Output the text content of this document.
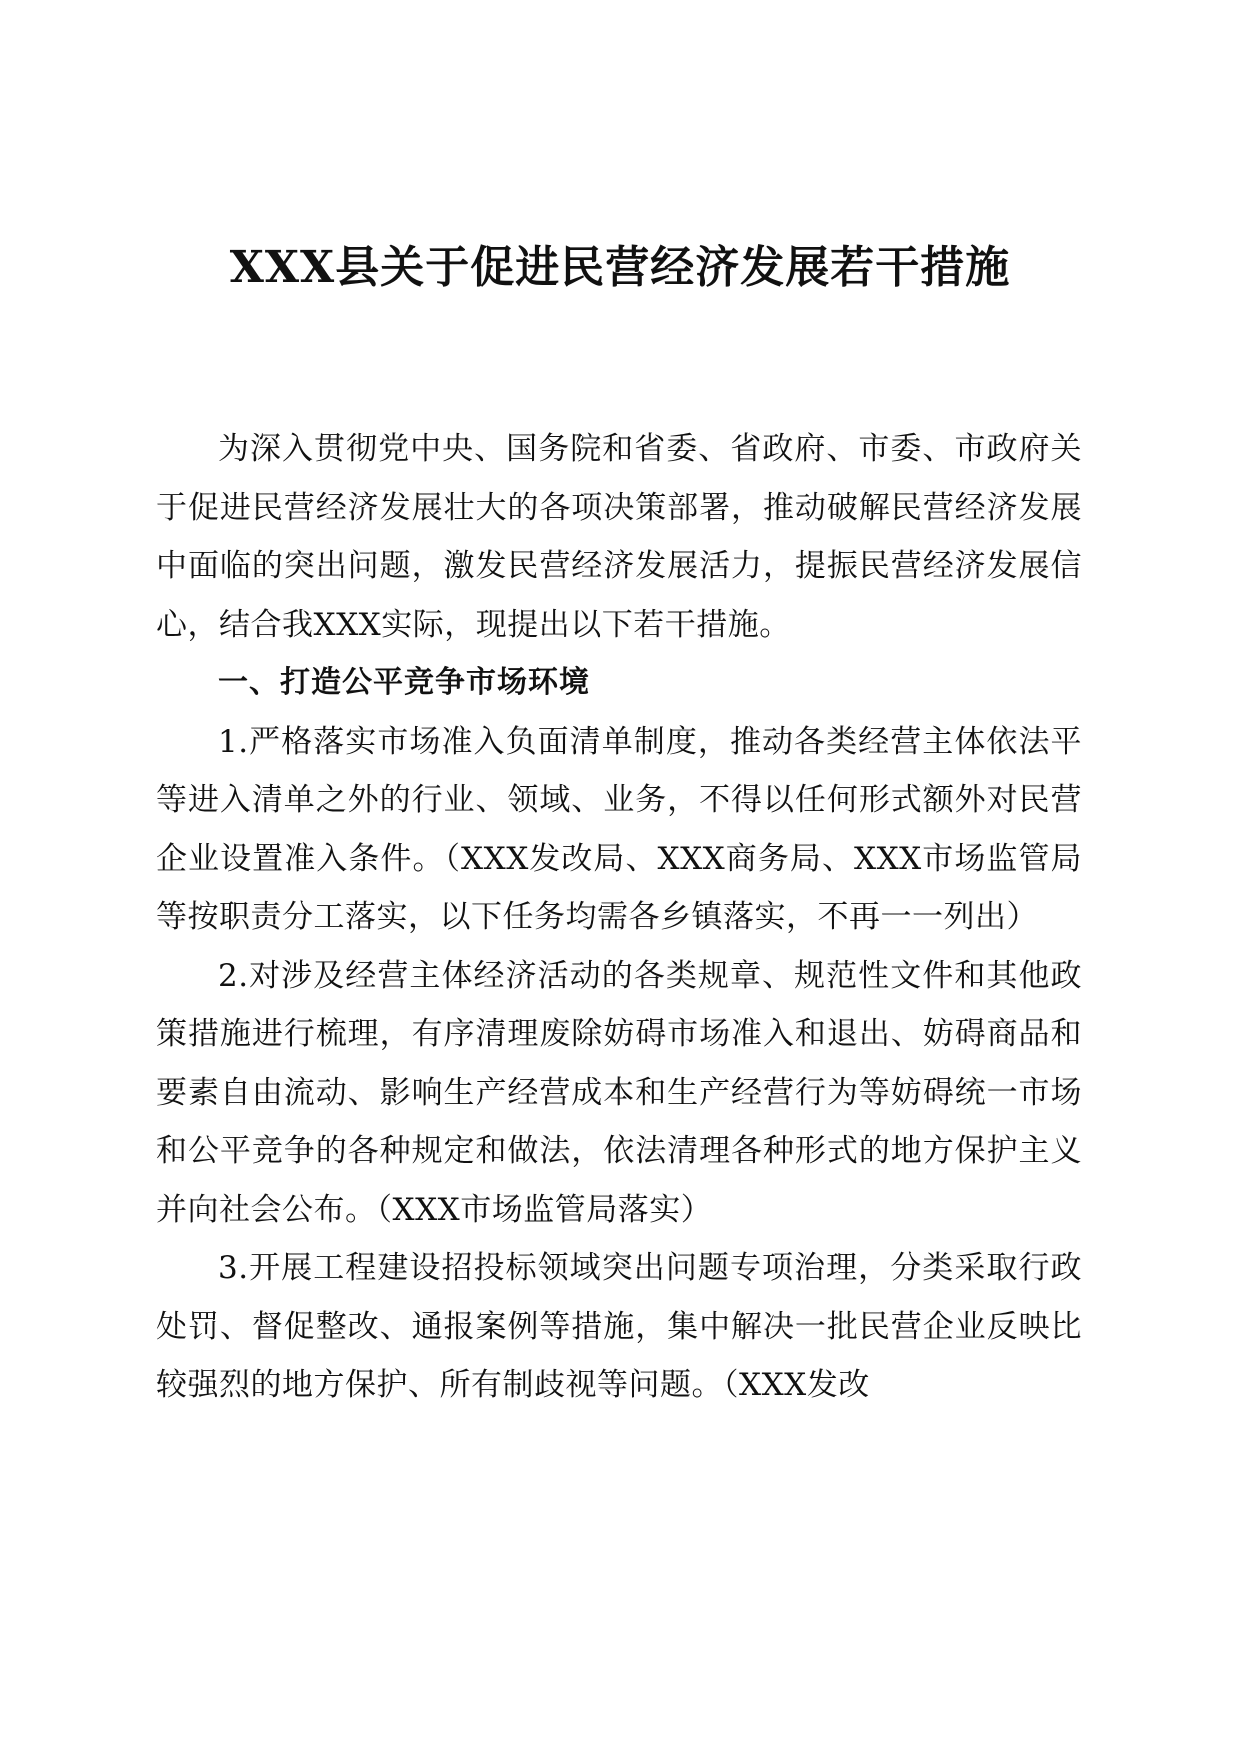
XXX县关于促进民营经济发展若干措施

为深入贯彻党中央、国务院和省委、省政府、市委、市政府关于促进民营经济发展壮大的各项决策部署，推动破解民营经济发展中面临的突出问题，激发民营经济发展活力，提振民营经济发展信心，结合我XXX实际，现提出以下若干措施。

一、打造公平竞争市场环境

1.严格落实市场准入负面清单制度，推动各类经营主体依法平等进入清单之外的行业、领域、业务，不得以任何形式额外对民营企业设置准入条件。（XXX发改局、XXX商务局、XXX市场监管局等按职责分工落实，以下任务均需各乡镇落实，不再一一列出）

2.对涉及经营主体经济活动的各类规章、规范性文件和其他政策措施进行梳理，有序清理废除妨碍市场准入和退出、妨碍商品和要素自由流动、影响生产经营成本和生产经营行为等妨碍统一市场和公平竞争的各种规定和做法，依法清理各种形式的地方保护主义并向社会公布。（XXX市场监管局落实）

3.开展工程建设招投标领域突出问题专项治理，分类采取行政处罚、督促整改、通报案例等措施，集中解决一批民营企业反映比较强烈的地方保护、所有制歧视等问题。（XXX发改
